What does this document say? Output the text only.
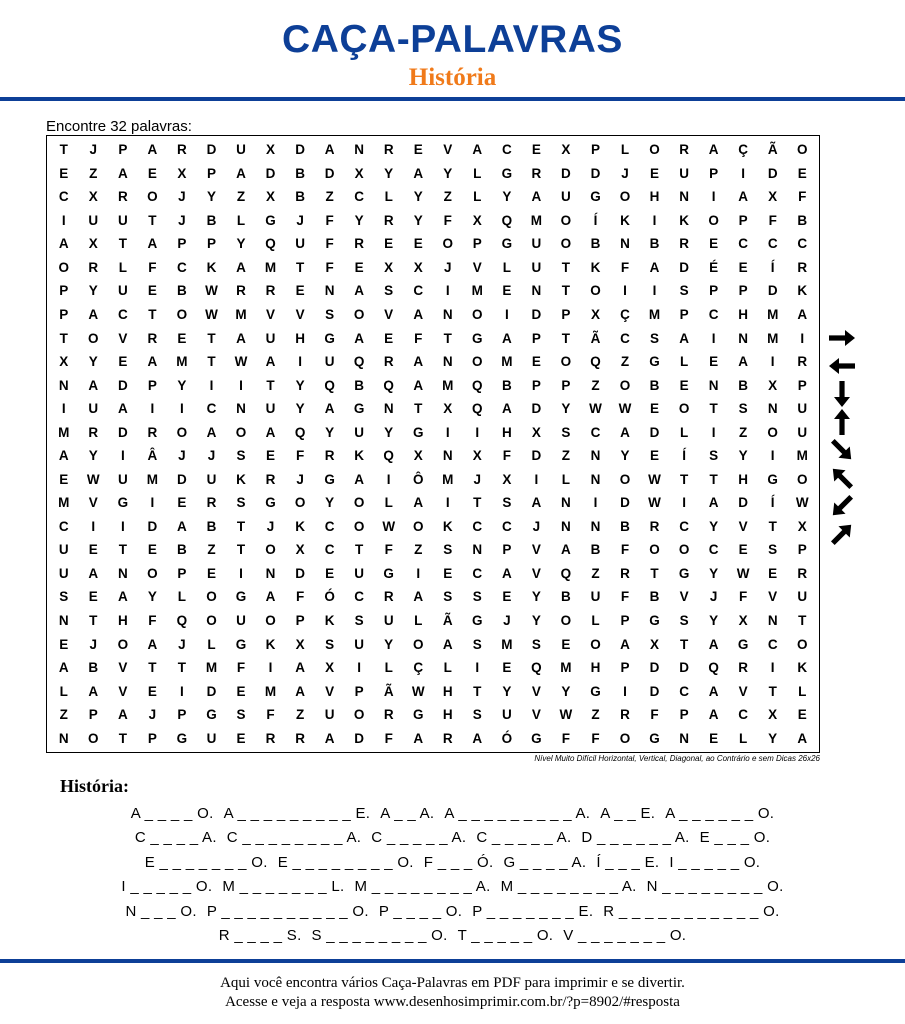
CAÇA-PALAVRAS
História
Encontre 32 palavras:
T	J	P	A	R	D	U	X	D	A	N	R	E	V	A	C	E	X	P	L	O	R	A	Ç	Ã	O
E	Z	A	E	X	P	A	D	B	D	X	Y	A	Y	L	G	R	D	D	J	E	U	P	I	D	E
C	X	R	O	J	Y	Z	X	B	Z	C	L	Y	Z	L	Y	A	U	G	O	H	N	I	A	X	F
I	U	U	T	J	B	L	G	J	F	Y	R	Y	F	X	Q	M	O	Í	K	I	K	O	P	F	B
A	X	T	A	P	P	Y	Q	U	F	R	E	E	O	P	G	U	O	B	N	B	R	E	C	C	C
O	R	L	F	C	K	A	M	T	F	E	X	X	J	V	L	U	T	K	F	A	D	É	E	Í	R
P	Y	U	E	B	W	R	R	E	N	A	S	C	I	M	E	N	T	O	I	I	S	P	P	D	K
P	A	C	T	O	W	M	V	V	S	O	V	A	N	O	I	D	P	X	Ç	M	P	C	H	M	A
T	O	V	R	E	T	A	U	H	G	A	E	F	T	G	A	P	T	Ã	C	S	A	I	N	M	I
X	Y	E	A	M	T	W	A	I	U	Q	R	A	N	O	M	E	O	Q	Z	G	L	E	A	I	R
N	A	D	P	Y	I	I	T	Y	Q	B	Q	A	M	Q	B	P	P	Z	O	B	E	N	B	X	P
I	U	A	I	I	C	N	U	Y	A	G	N	T	X	Q	A	D	Y	W	W	E	O	T	S	N	U
M	R	D	R	O	A	O	A	Q	Y	U	Y	G	I	I	H	X	S	C	A	D	L	I	Z	O	U
A	Y	I	Â	J	J	S	E	F	R	K	Q	X	N	X	F	D	Z	N	Y	E	Í	S	Y	I	M
E	W	U	M	D	U	K	R	J	G	A	I	Ô	M	J	X	I	L	N	O	W	T	T	H	G	O
M	V	G	I	E	R	S	G	O	Y	O	L	A	I	T	S	A	N	I	D	W	I	A	D	Í	W
C	I	I	D	A	B	T	J	K	C	O	W	O	K	C	C	J	N	N	B	R	C	Y	V	T	X
U	E	T	E	B	Z	T	O	X	C	T	F	Z	S	N	P	V	A	B	F	O	O	C	E	S	P
U	A	N	O	P	E	I	N	D	E	U	G	I	E	C	A	V	Q	Z	R	T	G	Y	W	E	R
S	E	A	Y	L	O	G	A	F	Ó	C	R	A	S	S	E	Y	B	U	F	B	V	J	F	V	U
N	T	H	F	Q	O	U	O	P	K	S	U	L	Ã	G	J	Y	O	L	P	G	S	Y	X	N	T
E	J	O	A	J	L	G	K	X	S	U	Y	O	A	S	M	S	E	O	A	X	T	A	G	C	O
A	B	V	T	T	M	F	I	A	X	I	L	Ç	L	I	E	Q	M	H	P	D	D	Q	R	I	K
L	A	V	E	I	D	E	M	A	V	P	Ã	W	H	T	Y	V	Y	G	I	D	C	A	V	T	L
Z	P	A	J	P	G	S	F	Z	U	O	R	G	H	S	U	V	W	Z	R	F	P	A	C	X	E
N	O	T	P	G	U	E	R	R	A	D	F	A	R	A	Ó	G	F	F	O	G	N	E	L	Y	A
Nível Muito Difícil Horizontal, Vertical, Diagonal, ao Contrário e sem Dicas 26x26
História:
A _ _ _ _ O. A _ _ _ _ _ _ _ _ _ E. A _ _ A. A _ _ _ _ _ _ _ _ _ A. A _ _ E. A _ _ _ _ _ _ O.
C _ _ _ _ A. C _ _ _ _ _ _ _ _ A. C _ _ _ _ _ A. C _ _ _ _ _ A. D _ _ _ _ _ _ A. E _ _ _ O.
E _ _ _ _ _ _ _ O. E _ _ _ _ _ _ _ _ O. F _ _ _ Ó. G _ _ _ _ A. Í _ _ _ E. I _ _ _ _ _ O.
I _ _ _ _ _ O. M _ _ _ _ _ _ _ L. M _ _ _ _ _ _ _ _ A. M _ _ _ _ _ _ _ _ A. N _ _ _ _ _ _ _ _ O.
N _ _ _ O. P _ _ _ _ _ _ _ _ _ _ O. P _ _ _ _ O. P _ _ _ _ _ _ _ E. R _ _ _ _ _ _ _ _ _ _ _ O.
R _ _ _ _ S. S _ _ _ _ _ _ _ _ O. T _ _ _ _ _ O. V _ _ _ _ _ _ _ O.
Aqui você encontra vários Caça-Palavras em PDF para imprimir e se divertir.
Acesse e veja a resposta www.desenhosimprimir.com.br/?p=8902/#resposta
